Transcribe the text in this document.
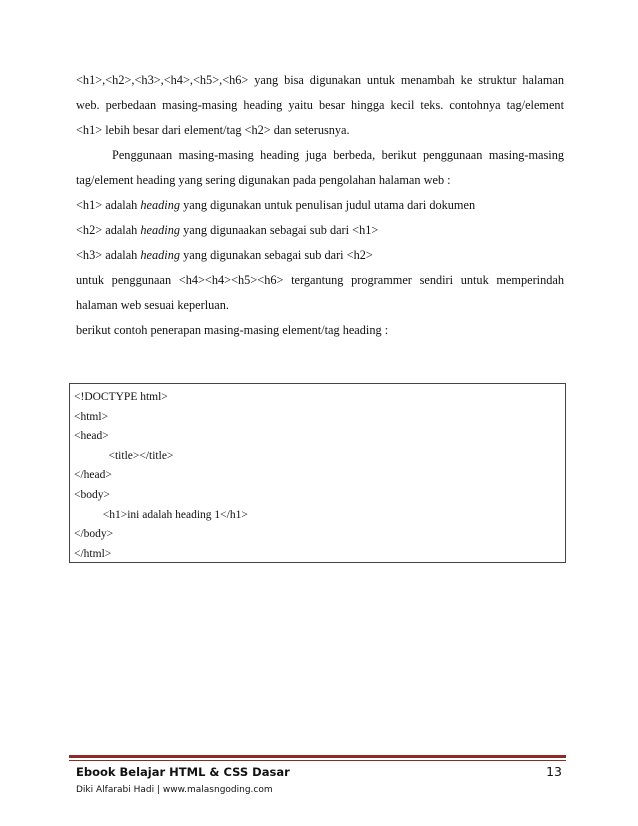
<h1>,<h2>,<h3>,<h4>,<h5>,<h6> yang bisa digunakan untuk menambah ke struktur halaman

web. perbedaan masing-masing heading yaitu besar hingga kecil teks. contohnya tag/element

<h1> lebih besar dari element/tag <h2> dan seterusnya.

Penggunaan masing-masing heading juga berbeda, berikut penggunaan masing-masing

tag/element heading yang sering digunakan pada pengolahan halaman web :

<h1> adalah heading yang digunakan untuk penulisan judul utama dari dokumen

<h2> adalah heading yang digunaakan sebagai sub dari <h1>

<h3> adalah heading yang digunakan sebagai sub dari <h2>

untuk penggunaan <h4><h4><h5><h6> tergantung programmer sendiri untuk memperindah

halaman web sesuai keperluan.

berikut contoh penerapan masing-masing element/tag heading :

<!DOCTYPE html>

<html>

<head>

<title></title>

</head>

<body>

<h1>ini adalah heading 1</h1>

</body>

</html>

Ebook Belajar HTML & CSS Dasar	13
Diki Alfarabi Hadi | www.malasngoding.com
